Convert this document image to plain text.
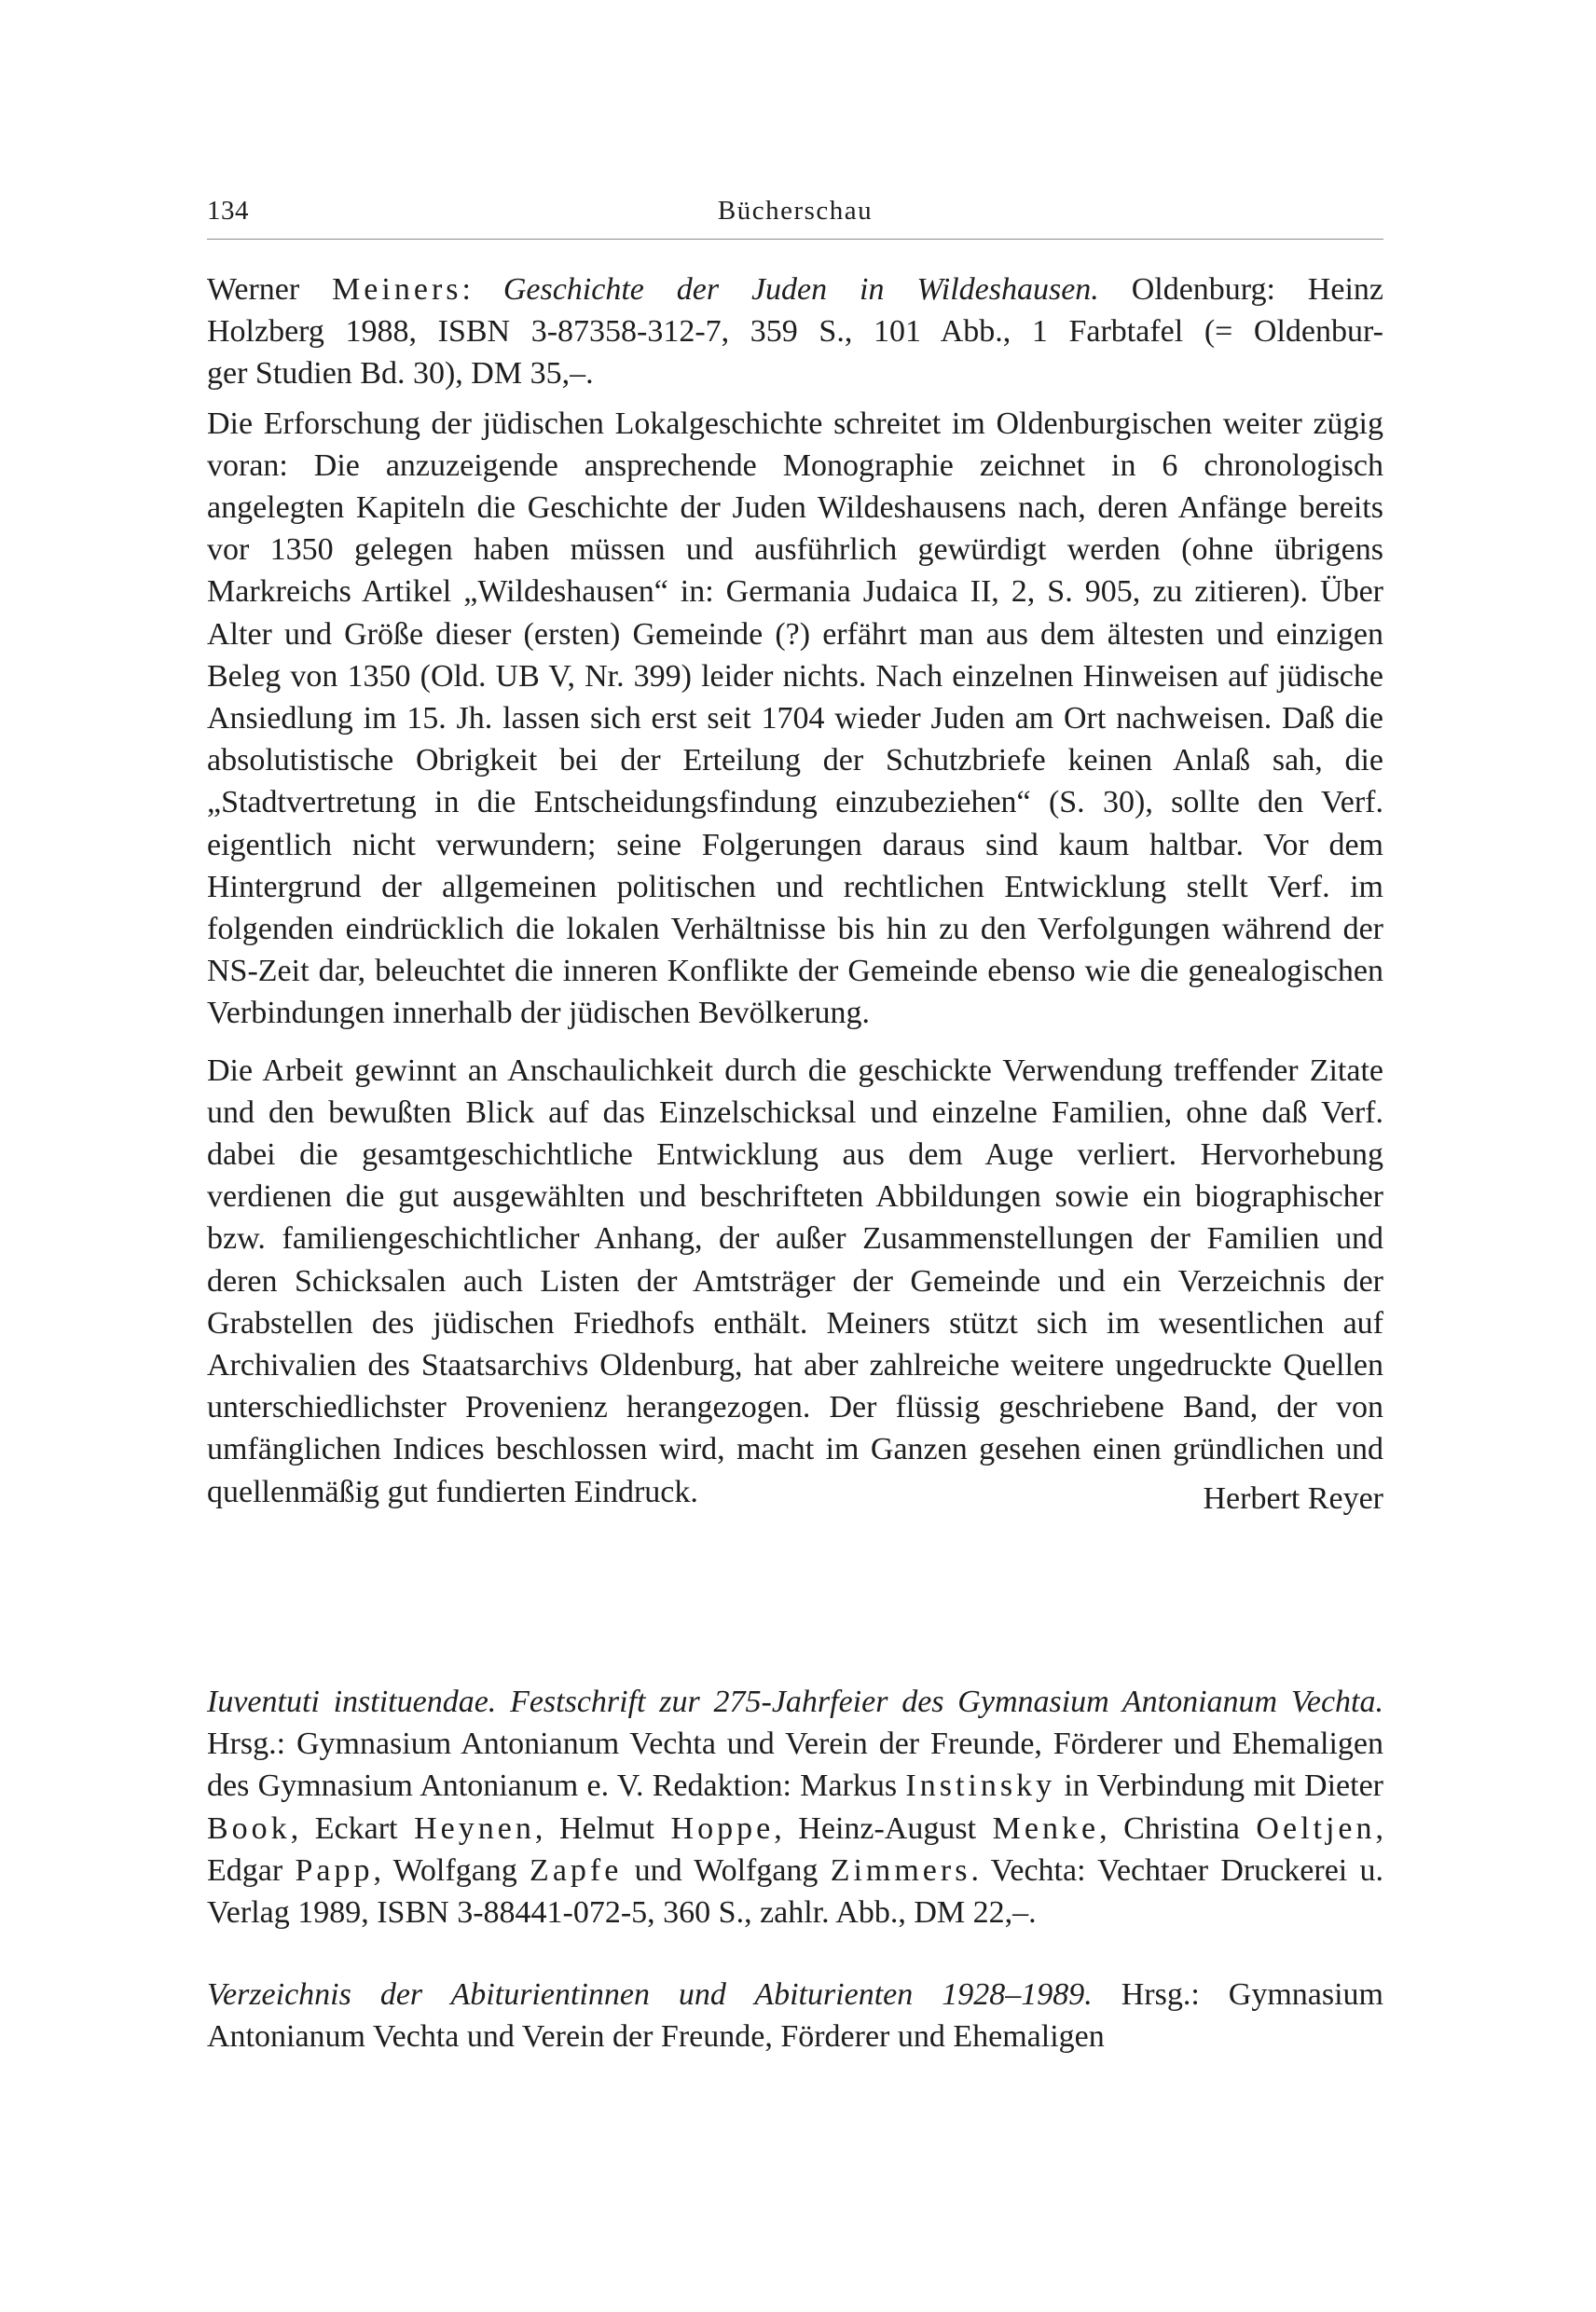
134	Bücherschau
Werner Meiners: Geschichte der Juden in Wildeshausen. Oldenburg: Heinz
Holzberg 1988, ISBN 3-87358-312-7, 359 S., 101 Abb., 1 Farbtafel (= Oldenbur-
ger Studien Bd. 30), DM 35,–.

Die Erforschung der jüdischen Lokalgeschichte schreitet im Oldenburgischen weiter zügig voran: Die anzuzeigende ansprechende Monographie zeichnet in 6 chronologisch angelegten Kapiteln die Geschichte der Juden Wildeshausens nach, deren Anfänge bereits vor 1350 gelegen haben müssen und ausführlich gewürdigt werden (ohne übrigens Markreichs Artikel „Wildeshausen“ in: Germania Judaica II, 2, S. 905, zu zitieren). Über Alter und Größe dieser (ersten) Gemeinde (?) erfährt man aus dem ältesten und einzigen Beleg von 1350 (Old. UB V, Nr. 399) leider nichts. Nach einzelnen Hinweisen auf jüdische Ansiedlung im 15. Jh. lassen sich erst seit 1704 wieder Juden am Ort nachweisen. Daß die absolutistische Obrigkeit bei der Erteilung der Schutzbriefe keinen Anlaß sah, die „Stadtvertretung in die Entscheidungsfindung einzubeziehen“ (S. 30), sollte den Verf. eigentlich nicht verwundern; seine Folgerungen daraus sind kaum haltbar. Vor dem Hintergrund der allgemeinen politischen und rechtlichen Entwicklung stellt Verf. im folgenden eindrücklich die lokalen Verhältnisse bis hin zu den Verfolgungen während der NS-Zeit dar, beleuchtet die inneren Konflikte der Gemeinde ebenso wie die genealogischen Verbindungen innerhalb der jüdischen Bevölkerung.

Die Arbeit gewinnt an Anschaulichkeit durch die geschickte Verwendung treffender Zitate und den bewußten Blick auf das Einzelschicksal und einzelne Familien, ohne daß Verf. dabei die gesamtgeschichtliche Entwicklung aus dem Auge verliert. Hervorhebung verdienen die gut ausgewählten und beschrifteten Abbildungen sowie ein biographischer bzw. familiengeschichtlicher Anhang, der außer Zusammenstellungen der Familien und deren Schicksalen auch Listen der Amtsträger der Gemeinde und ein Verzeichnis der Grabstellen des jüdischen Friedhofs enthält. Meiners stützt sich im wesentlichen auf Archivalien des Staatsarchivs Oldenburg, hat aber zahlreiche weitere ungedruckte Quellen unterschiedlichster Provenienz herangezogen. Der flüssig geschriebene Band, der von umfänglichen Indices beschlossen wird, macht im Ganzen gesehen einen gründlichen und quellenmäßig gut fundierten Eindruck.	Herbert Reyer

Iuventuti instituendae. Festschrift zur 275-Jahrfeier des Gymnasium Antonianum Vechta. Hrsg.: Gymnasium Antonianum Vechta und Verein der Freunde, Förderer und Ehemaligen des Gymnasium Antonianum e. V. Redaktion: Markus Instinsky in Verbindung mit Dieter Book, Eckart Heynen, Helmut Hoppe, Heinz-August Menke, Christina Oeltjen, Edgar Papp, Wolfgang Zapfe und Wolfgang Zimmers. Vechta: Vechtaer Druckerei u. Verlag 1989, ISBN 3-88441-072-5, 360 S., zahlr. Abb., DM 22,–.

Verzeichnis der Abiturientinnen und Abiturienten 1928–1989. Hrsg.: Gymnasium Antonianum Vechta und Verein der Freunde, Förderer und Ehemaligen
